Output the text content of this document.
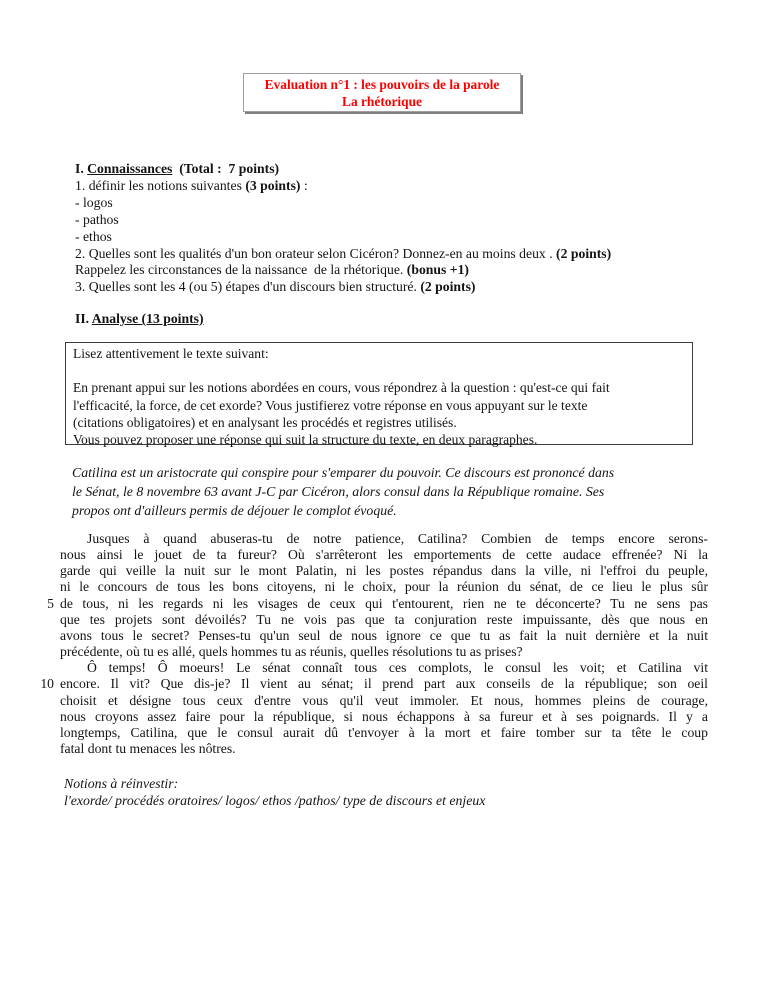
Evaluation n°1 : les pouvoirs de la parole
La rhétorique
I. Connaissances  (Total :  7 points)
1. définir les notions suivantes (3 points) :
- logos
- pathos
- ethos
2. Quelles sont les qualités d'un bon orateur selon Cicéron? Donnez-en au moins deux . (2 points)
Rappelez les circonstances de la naissance  de la rhétorique. (bonus +1)
3. Quelles sont les 4 (ou 5) étapes d'un discours bien structuré. (2 points)
II. Analyse (13 points)
Lisez attentivement le texte suivant:

En prenant appui sur les notions abordées en cours, vous répondrez à la question : qu'est-ce qui fait
l'efficacité, la force, de cet exorde? Vous justifierez votre réponse en vous appuyant sur le texte
(citations obligatoires) et en analysant les procédés et registres utilisés.
Vous pouvez proposer une réponse qui suit la structure du texte, en deux paragraphes.
Catilina est un aristocrate qui conspire pour s'emparer du pouvoir. Ce discours est prononcé dans
le Sénat, le 8 novembre 63 avant J-C par Cicéron, alors consul dans la République romaine. Ses
propos ont d'ailleurs permis de déjouer le complot évoqué.
5
10
Jusques à quand abuseras-tu de notre patience, Catilina? Combien de temps encore serons-
nous ainsi le jouet de ta fureur? Où s'arrêteront les emportements de cette audace effrenée? Ni la
garde qui veille la nuit sur le mont Palatin, ni les postes répandus dans la ville, ni l'effroi du peuple,
ni le concours de tous les bons citoyens, ni le choix, pour la réunion du sénat, de ce lieu le plus sûr
de tous, ni les regards ni les visages de ceux qui t'entourent, rien ne te déconcerte? Tu ne sens pas
que tes projets sont dévoilés? Tu ne vois pas que ta conjuration reste impuissante, dès que nous en
avons tous le secret? Penses-tu qu'un seul de nous ignore ce que tu as fait la nuit dernière et la nuit
précédente, où tu es allé, quels hommes tu as réunis, quelles résolutions tu as prises?
Ô temps! Ô moeurs! Le sénat connaît tous ces complots, le consul les voit; et Catilina vit
encore. Il vit? Que dis-je? Il vient au sénat; il prend part aux conseils de la république; son oeil
choisit et désigne tous ceux d'entre vous qu'il veut immoler. Et nous, hommes pleins de courage,
nous croyons assez faire pour la république, si nous échappons à sa fureur et à ses poignards. Il y a
longtemps, Catilina, que le consul aurait dû t'envoyer à la mort et faire tomber sur ta tête le coup
fatal dont tu menaces les nôtres.
Notions à réinvestir:
l'exorde/ procédés oratoires/ logos/ ethos /pathos/ type de discours et enjeux
